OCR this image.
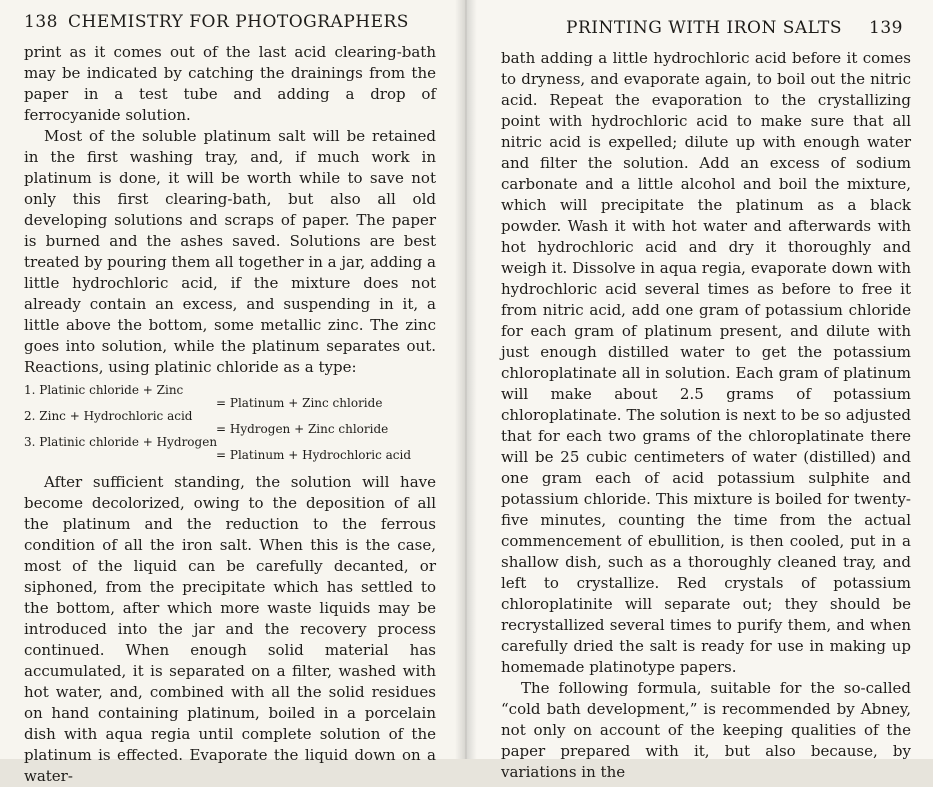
138 CHEMISTRY FOR PHOTOGRAPHERS

print as it comes out of the last acid clearing-bath may be indicated by catching the drainings from the paper in a test tube and adding a drop of ferrocyanide solution.

Most of the soluble platinum salt will be retained in the first washing tray, and, if much work in platinum is done, it will be worth while to save not only this first clearing-bath, but also all old developing solutions and scraps of paper. The paper is burned and the ashes saved. Solutions are best treated by pouring them all together in a jar, adding a little hydrochloric acid, if the mixture does not already contain an excess, and suspending in it, a little above the bottom, some metallic zinc. The zinc goes into solution, while the platinum separates out. Reactions, using platinic chloride as a type:

1. Platinic chloride + Zinc
= Platinum + Zinc chloride
2. Zinc + Hydrochloric acid
= Hydrogen + Zinc chloride
3. Platinic chloride + Hydrogen
= Platinum + Hydrochloric acid

After sufficient standing, the solution will have become decolorized, owing to the deposition of all the platinum and the reduction to the ferrous condition of all the iron salt. When this is the case, most of the liquid can be carefully decanted, or siphoned, from the precipitate which has settled to the bottom, after which more waste liquids may be introduced into the jar and the recovery process continued. When enough solid material has accumulated, it is separated on a filter, washed with hot water, and, combined with all the solid residues on hand containing platinum, boiled in a porcelain dish with aqua regia until complete solution of the platinum is effected. Evaporate the liquid down on a water-

PRINTING WITH IRON SALTS 139

bath adding a little hydrochloric acid before it comes to dryness, and evaporate again, to boil out the nitric acid. Repeat the evaporation to the crystallizing point with hydrochloric acid to make sure that all nitric acid is expelled; dilute up with enough water and filter the solution. Add an excess of sodium carbonate and a little alcohol and boil the mixture, which will precipitate the platinum as a black powder. Wash it with hot water and afterwards with hot hydrochloric acid and dry it thoroughly and weigh it. Dissolve in aqua regia, evaporate down with hydrochloric acid several times as before to free it from nitric acid, add one gram of potassium chloride for each gram of platinum present, and dilute with just enough distilled water to get the potassium chloroplatinate all in solution. Each gram of platinum will make about 2.5 grams of potassium chloroplatinate. The solution is next to be so adjusted that for each two grams of the chloroplatinate there will be 25 cubic centimeters of water (distilled) and one gram each of acid potassium sulphite and potassium chloride. This mixture is boiled for twenty-five minutes, counting the time from the actual commencement of ebullition, is then cooled, put in a shallow dish, such as a thoroughly cleaned tray, and left to crystallize. Red crystals of potassium chloroplatinite will separate out; they should be recrystallized several times to purify them, and when carefully dried the salt is ready for use in making up homemade platinotype papers.

The following formula, suitable for the so-called “cold bath development,” is recommended by Abney, not only on account of the keeping qualities of the paper prepared with it, but also because, by variations in the
